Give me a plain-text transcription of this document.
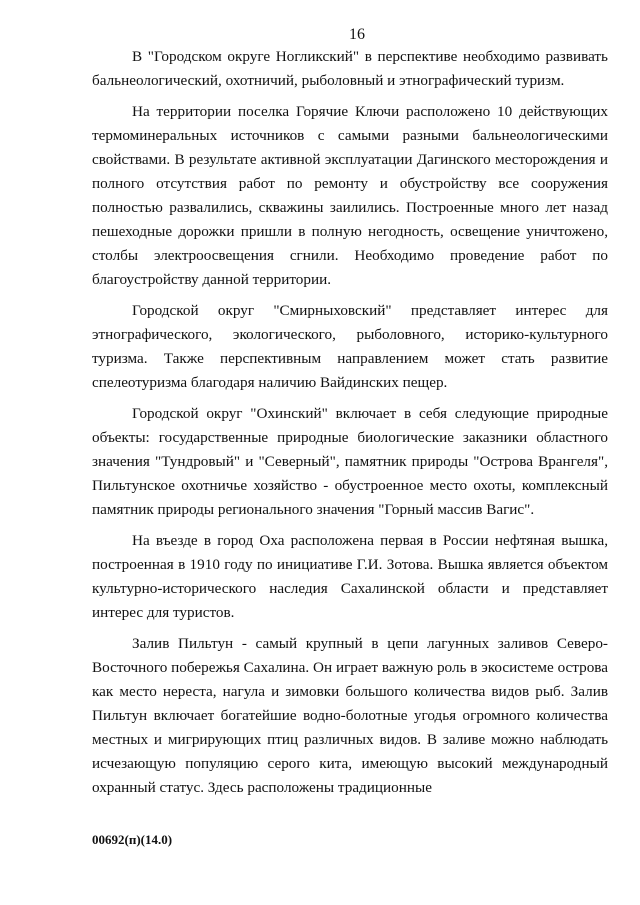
16

В "Городском округе Ногликский" в перспективе необходимо развивать бальнеологический, охотничий, рыболовный и этнографический туризм.

На территории поселка Горячие Ключи расположено 10 действующих термоминеральных источников с самыми разными бальнеологическими свойствами. В результате активной эксплуатации Дагинского месторождения и полного отсутствия работ по ремонту и обустройству все сооружения полностью развалились, скважины заилились. Построенные много лет назад пешеходные дорожки пришли в полную негодность, освещение уничтожено, столбы электроосвещения сгнили. Необходимо проведение работ по благоустройству данной территории.

Городской округ "Смирныховский" представляет интерес для этнографического, экологического, рыболовного, историко-культурного туризма. Также перспективным направлением может стать развитие спелеотуризма благодаря наличию Вайдинских пещер.

Городской округ "Охинский" включает в себя следующие природные объекты: государственные природные биологические заказники областного значения "Тундровый" и "Северный", памятник природы "Острова Врангеля", Пильтунское охотничье хозяйство - обустроенное место охоты, комплексный памятник природы регионального значения "Горный массив Вагис".

На въезде в город Оха расположена первая в России нефтяная вышка, построенная в 1910 году по инициативе Г.И. Зотова. Вышка является объектом культурно-исторического наследия Сахалинской области и представляет интерес для туристов.

Залив Пильтун - самый крупный в цепи лагунных заливов Северо-Восточного побережья Сахалина. Он играет важную роль в экосистеме острова как место нереста, нагула и зимовки большого количества видов рыб. Залив Пильтун включает богатейшие водно-болотные угодья огромного количества местных и мигрирующих птиц различных видов. В заливе можно наблюдать исчезающую популяцию серого кита, имеющую высокий международный охранный статус. Здесь расположены традиционные

00692(п)(14.0)
